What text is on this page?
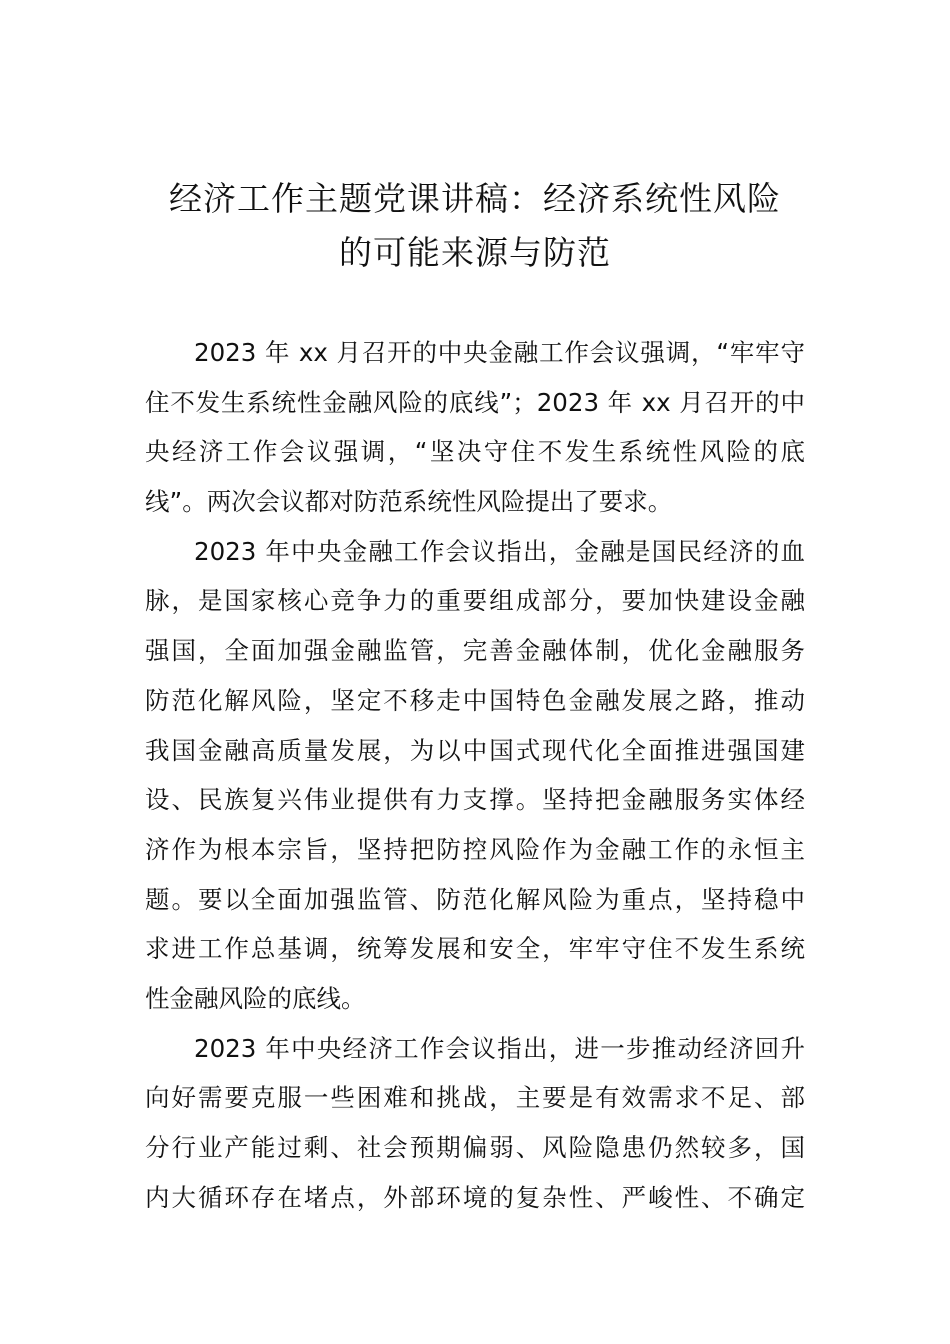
经济工作主题党课讲稿：经济系统性风险
的可能来源与防范
2023 年 xx 月召开的中央金融工作会议强调，“牢牢守
住不发生系统性金融风险的底线”；2023 年 xx 月召开的中
央经济工作会议强调，“坚决守住不发生系统性风险的底
线”。两次会议都对防范系统性风险提出了要求。
2023 年中央金融工作会议指出，金融是国民经济的血
脉，是国家核心竞争力的重要组成部分，要加快建设金融
强国，全面加强金融监管，完善金融体制，优化金融服务
防范化解风险，坚定不移走中国特色金融发展之路，推动
我国金融高质量发展，为以中国式现代化全面推进强国建
设、民族复兴伟业提供有力支撑。坚持把金融服务实体经
济作为根本宗旨，坚持把防控风险作为金融工作的永恒主
题。要以全面加强监管、防范化解风险为重点，坚持稳中
求进工作总基调，统筹发展和安全，牢牢守住不发生系统
性金融风险的底线。
2023 年中央经济工作会议指出，进一步推动经济回升
向好需要克服一些困难和挑战，主要是有效需求不足、部
分行业产能过剩、社会预期偏弱、风险隐患仍然较多，国
内大循环存在堵点，外部环境的复杂性、严峻性、不确定
